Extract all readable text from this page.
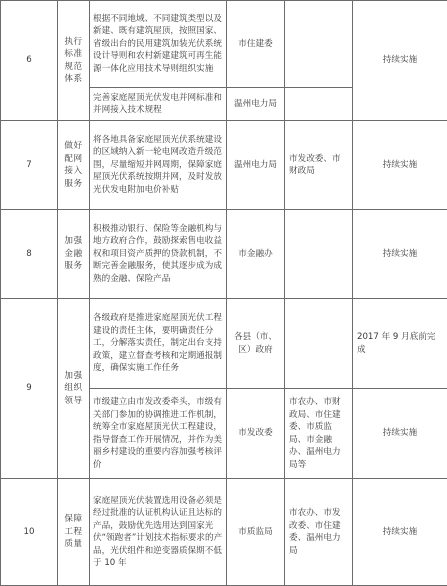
6	执行标准规范体系	根据不同地域、不同建筑类型以及新建、既有建筑屋顶，按照国家、省级出台的民用建筑加装光伏系统设计导则和农村新建建筑可再生能源一体化应用技术导则组织实施	市住建委		持续实施
		完善家庭屋顶光伏发电并网标准和并网接入技术规程	温州电力局		
7	做好配网接入服务	将各地具备家庭屋顶光伏系统建设的区域纳入新一轮电网改造升级范围，尽量缩短并网周期，保障家庭屋顶光伏系统按期并网，及时发放光伏发电附加电价补贴	温州电力局	市发改委、市财政局	持续实施
8	加强金融服务	积极推动银行、保险等金融机构与地方政府合作，鼓励探索售电收益权和项目资产质押的贷款机制，不断完善金融服务，使其逐步成为成熟的金融、保险产品	市金融办		持续实施
9	加强组织领导	各级政府是推进家庭屋顶光伏工程建设的责任主体，要明确责任分工，分解落实责任，制定出台支持政策，建立督查考核和定期通报制度，确保实施工作任务	各县（市、区）政府		2017 年 9 月底前完成
		市级建立由市发改委牵头，市级有关部门参加的协调推进工作机制，统筹全市家庭屋顶光伏工程建设，指导督查工作开展情况，并作为美丽乡村建设的重要内容加强考核评价	市发改委	市农办、市财政局、市住建委、市质监局、市金融办、温州电力局等	持续实施
10	保障工程质量	家庭屋顶光伏装置选用设备必须是经过批准的认证机构认证且达标的产品，鼓励优先选用达到国家光伏“领跑者”计划技术指标要求的产品，光伏组件和逆变器质保期不低于 10 年	市质监局	市农办、市发改委、市住建委、温州电力局	持续实施
